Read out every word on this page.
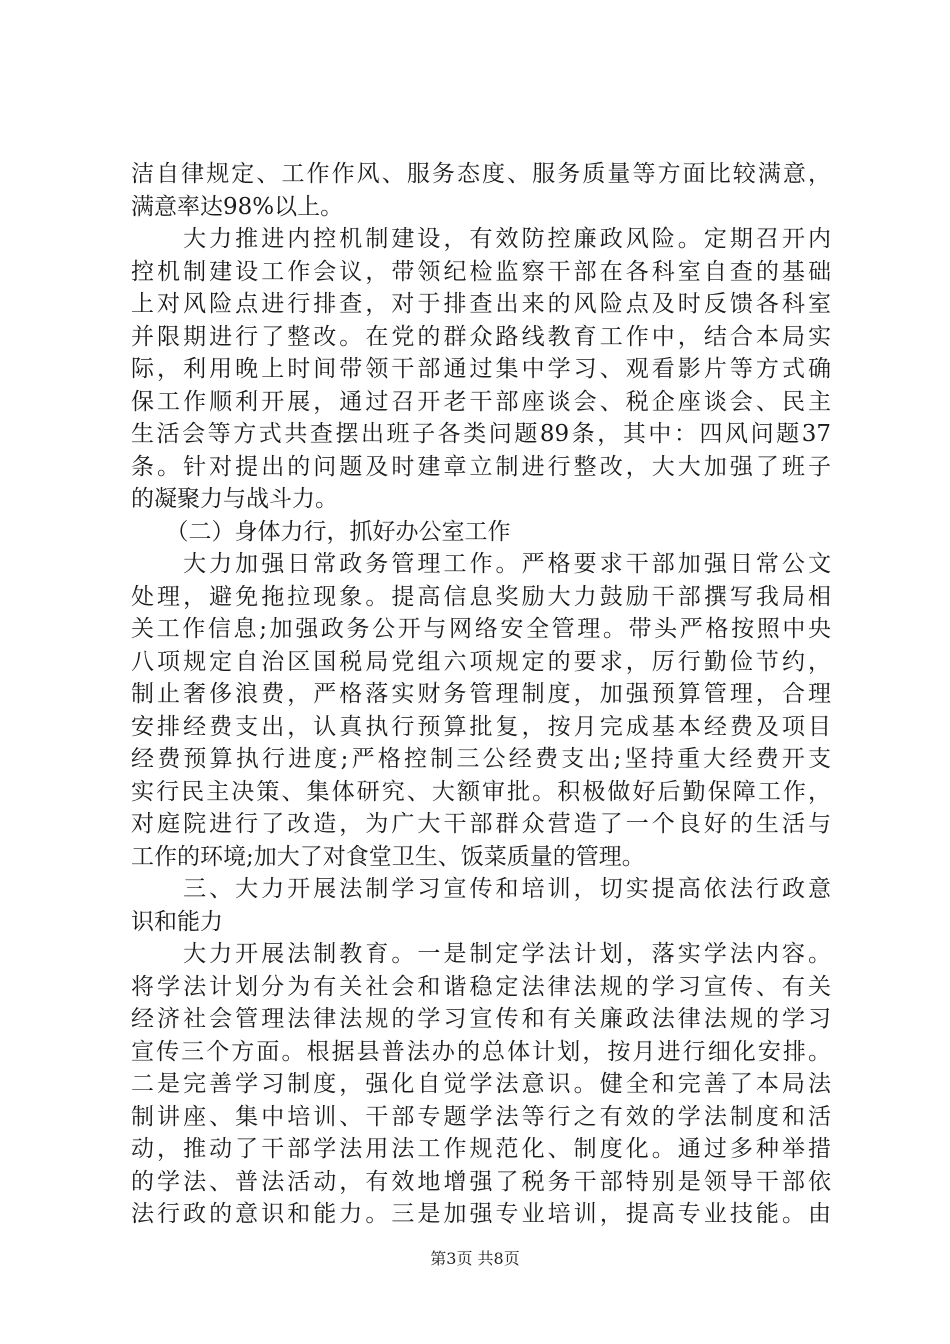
洁自律规定、工作作风、服务态度、服务质量等方面比较满意，
满意率达98%以上。
　　大力推进内控机制建设，有效防控廉政风险。定期召开内
控机制建设工作会议，带领纪检监察干部在各科室自查的基础
上对风险点进行排查，对于排查出来的风险点及时反馈各科室
并限期进行了整改。在党的群众路线教育工作中，结合本局实
际，利用晚上时间带领干部通过集中学习、观看影片等方式确
保工作顺利开展，通过召开老干部座谈会、税企座谈会、民主
生活会等方式共查摆出班子各类问题89条，其中：四风问题37
条。针对提出的问题及时建章立制进行整改，大大加强了班子
的凝聚力与战斗力。
　　（二）身体力行，抓好办公室工作
　　大力加强日常政务管理工作。严格要求干部加强日常公文
处理，避免拖拉现象。提高信息奖励大力鼓励干部撰写我局相
关工作信息;加强政务公开与网络安全管理。带头严格按照中央
八项规定自治区国税局党组六项规定的要求，厉行勤俭节约，
制止奢侈浪费，严格落实财务管理制度，加强预算管理，合理
安排经费支出，认真执行预算批复，按月完成基本经费及项目
经费预算执行进度;严格控制三公经费支出;坚持重大经费开支
实行民主决策、集体研究、大额审批。积极做好后勤保障工作，
对庭院进行了改造，为广大干部群众营造了一个良好的生活与
工作的环境;加大了对食堂卫生、饭菜质量的管理。
　　三、大力开展法制学习宣传和培训，切实提高依法行政意
识和能力
　　大力开展法制教育。一是制定学法计划，落实学法内容。
将学法计划分为有关社会和谐稳定法律法规的学习宣传、有关
经济社会管理法律法规的学习宣传和有关廉政法律法规的学习
宣传三个方面。根据县普法办的总体计划，按月进行细化安排。
二是完善学习制度，强化自觉学法意识。健全和完善了本局法
制讲座、集中培训、干部专题学法等行之有效的学法制度和活
动，推动了干部学法用法工作规范化、制度化。通过多种举措
的学法、普法活动，有效地增强了税务干部特别是领导干部依
法行政的意识和能力。三是加强专业培训，提高专业技能。由
第3页 共8页
